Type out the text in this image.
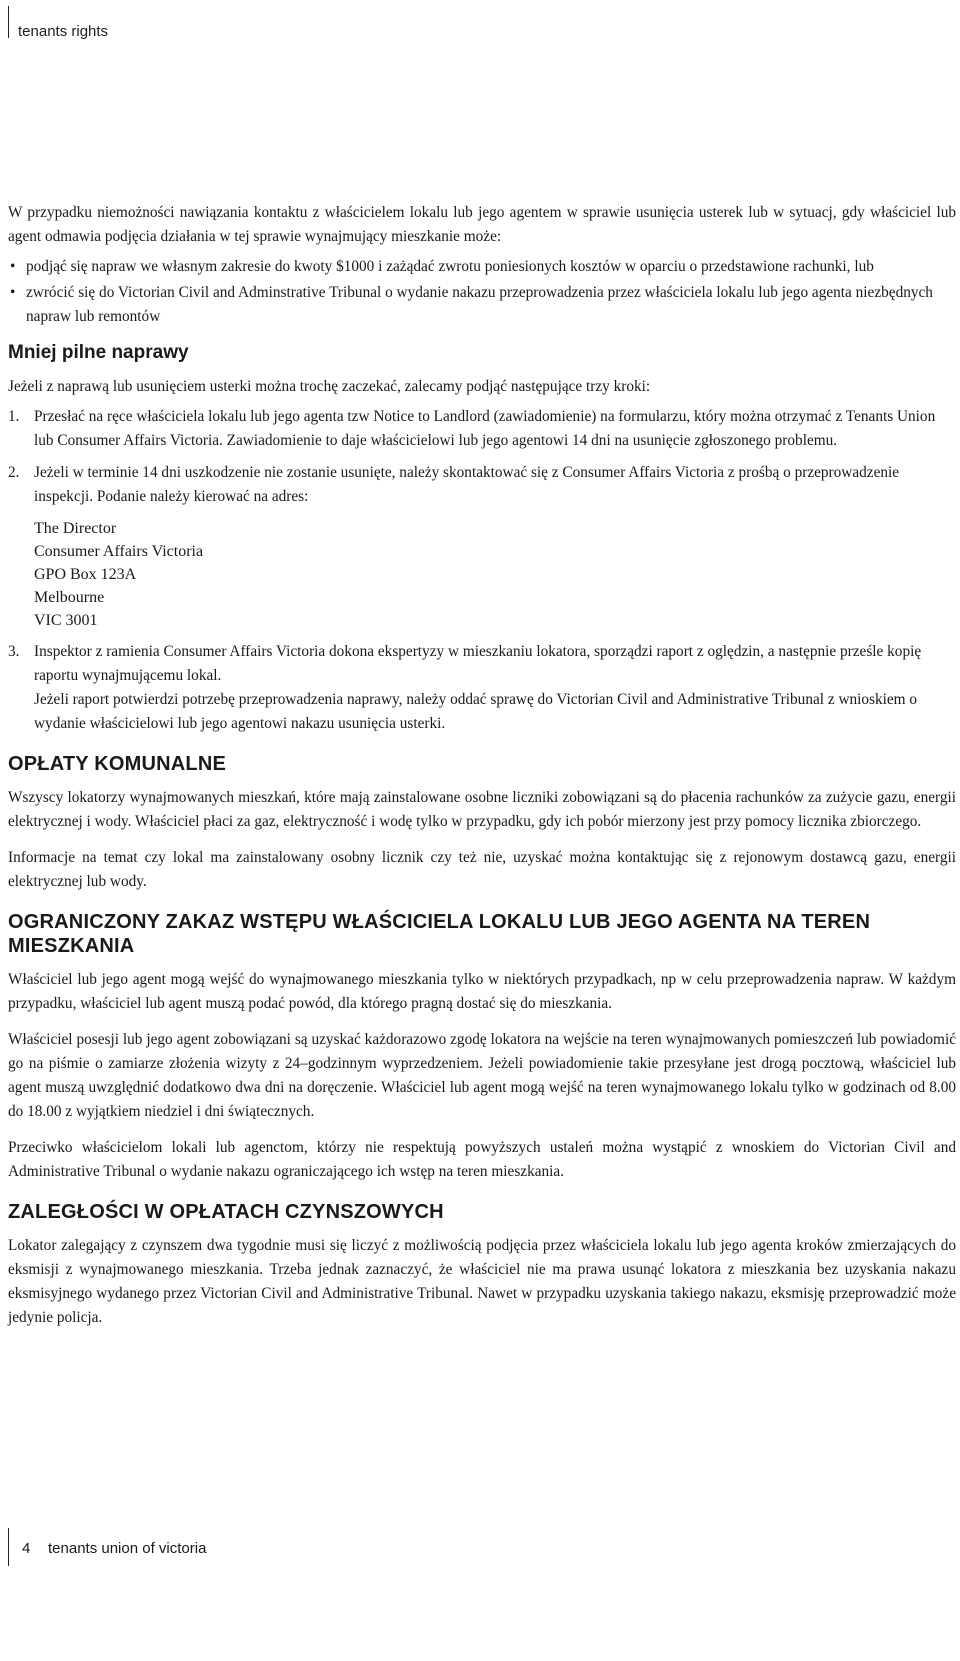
tenants rights

W przypadku niemożności nawiązania kontaktu z właścicielem lokalu lub jego agentem w sprawie usunięcia usterek lub w sytuacj, gdy właściciel lub agent odmawia podjęcia działania w tej sprawie wynajmujący mieszkanie może:

• podjąć się napraw we własnym zakresie do kwoty $1000 i zażądać zwrotu poniesionych kosztów w oparciu o przedstawione rachunki, lub
• zwrócić się do Victorian Civil and Adminstrative Tribunal o wydanie nakazu przeprowadzenia przez właściciela lokalu lub jego agenta niezbędnych napraw lub remontów
Mniej pilne naprawy

Jeżeli z naprawą lub usunięciem usterki można trochę zaczekać, zalecamy podjąć następujące trzy kroki:

1. Przesłać na ręce właściciela lokalu lub jego agenta tzw Notice to Landlord (zawiadomienie) na formularzu, który można otrzymać z Tenants Union lub Consumer Affairs Victoria. Zawiadomienie to daje właścicielowi lub jego agentowi 14 dni na usunięcie zgłoszonego problemu.
2. Jeżeli w terminie 14 dni uszkodzenie nie zostanie usunięte, należy skontaktować się z Consumer Affairs Victoria z prośbą o przeprowadzenie inspekcji. Podanie należy kierować na adres:
The Director
Consumer Affairs Victoria
GPO Box 123A
Melbourne
VIC 3001
3. Inspektor z ramienia Consumer Affairs Victoria dokona ekspertyzy w mieszkaniu lokatora, sporządzi raport z oględzin, a następnie prześle kopię raportu wynajmującemu lokal.
Jeżeli raport potwierdzi potrzebę przeprowadzenia naprawy, należy oddać sprawę do Victorian Civil and Administrative Tribunal z wnioskiem o wydanie właścicielowi lub jego agentowi nakazu usunięcia usterki.
OPŁATY KOMUNALNE

Wszyscy lokatorzy wynajmowanych mieszkań, które mają zainstalowane osobne liczniki zobowiązani są do płacenia rachunków za zużycie gazu, energii elektrycznej i wody. Właściciel płaci za gaz, elektryczność i wodę tylko w przypadku, gdy ich pobór mierzony jest przy pomocy licznika zbiorczego.

Informacje na temat czy lokal ma zainstalowany osobny licznik czy też nie, uzyskać można kontaktując się z rejonowym dostawcą gazu, energii elektrycznej lub wody.

OGRANICZONY ZAKAZ WSTĘPU WŁAŚCICIELA LOKALU LUB JEGO AGENTA NA TEREN MIESZKANIA

Właściciel lub jego agent mogą wejść do wynajmowanego mieszkania tylko w niektórych przypadkach, np w celu przeprowadzenia napraw. W każdym przypadku, właściciel lub agent muszą podać powód, dla którego pragną dostać się do mieszkania.

Właściciel posesji lub jego agent zobowiązani są uzyskać każdorazowo zgodę lokatora na wejście na teren wynajmowanych pomieszczeń lub powiadomić go na piśmie o zamiarze złożenia wizyty z 24–godzinnym wyprzedzeniem. Jeżeli powiadomienie takie przesyłane jest drogą pocztową, właściciel lub agent muszą uwzględnić dodatkowo dwa dni na doręczenie. Właściciel lub agent mogą wejść na teren wynajmowanego lokalu tylko w godzinach od 8.00 do 18.00 z wyjątkiem niedziel i dni świątecznych.

Przeciwko właścicielom lokali lub agenctom, którzy nie respektują powyższych ustaleń można wystąpić z wnoskiem do Victorian Civil and Administrative Tribunal o wydanie nakazu ograniczającego ich wstęp na teren mieszkania.

ZALEGŁOŚCI W OPŁATACH CZYNSZOWYCH

Lokator zalegający z czynszem dwa tygodnie musi się liczyć z możliwością podjęcia przez właściciela lokalu lub jego agenta kroków zmierzających do eksmisji z wynajmowanego mieszkania. Trzeba jednak zaznaczyć, że właściciel nie ma prawa usunąć lokatora z mieszkania bez uzyskania nakazu eksmisyjnego wydanego przez Victorian Civil and Administrative Tribunal. Nawet w przypadku uzyskania takiego nakazu, eksmisję przeprowadzić może jedynie policja.

4 tenants union of victoria
